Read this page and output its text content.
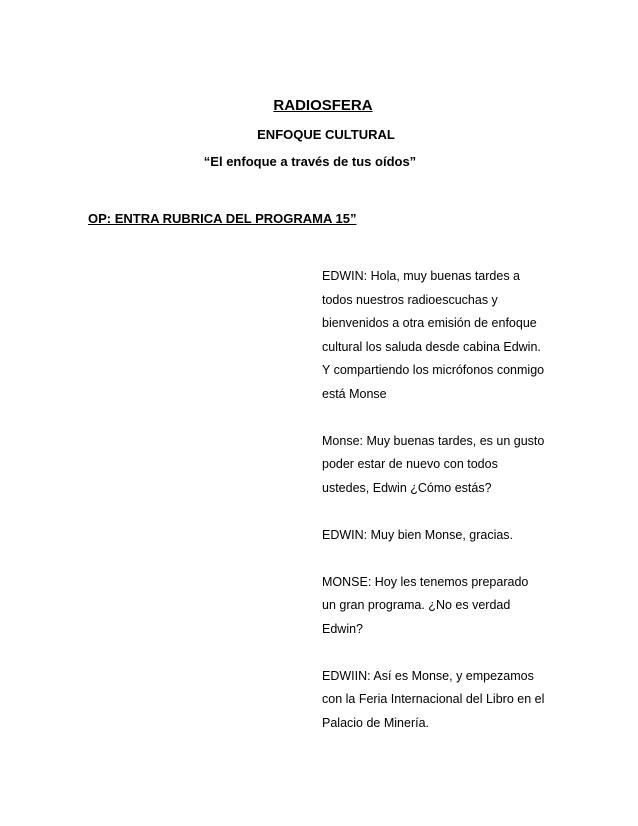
RADIOSFERA
ENFOQUE CULTURAL
“El enfoque a través de tus oídos”
OP: ENTRA RUBRICA DEL PROGRAMA 15”
EDWIN: Hola, muy buenas tardes a
todos nuestros radioescuchas y
bienvenidos a otra emisión de enfoque
cultural los saluda desde cabina Edwin.
Y compartiendo los micrófonos conmigo
está Monse
Monse: Muy buenas tardes, es un gusto
poder estar de nuevo con todos
ustedes, Edwin ¿Cómo estás?
EDWIN: Muy bien Monse, gracias.
MONSE: Hoy les tenemos preparado
un gran programa. ¿No es verdad
Edwin?
EDWIIN: Así es Monse, y empezamos
con la Feria Internacional del Libro en el
Palacio de Minería.
